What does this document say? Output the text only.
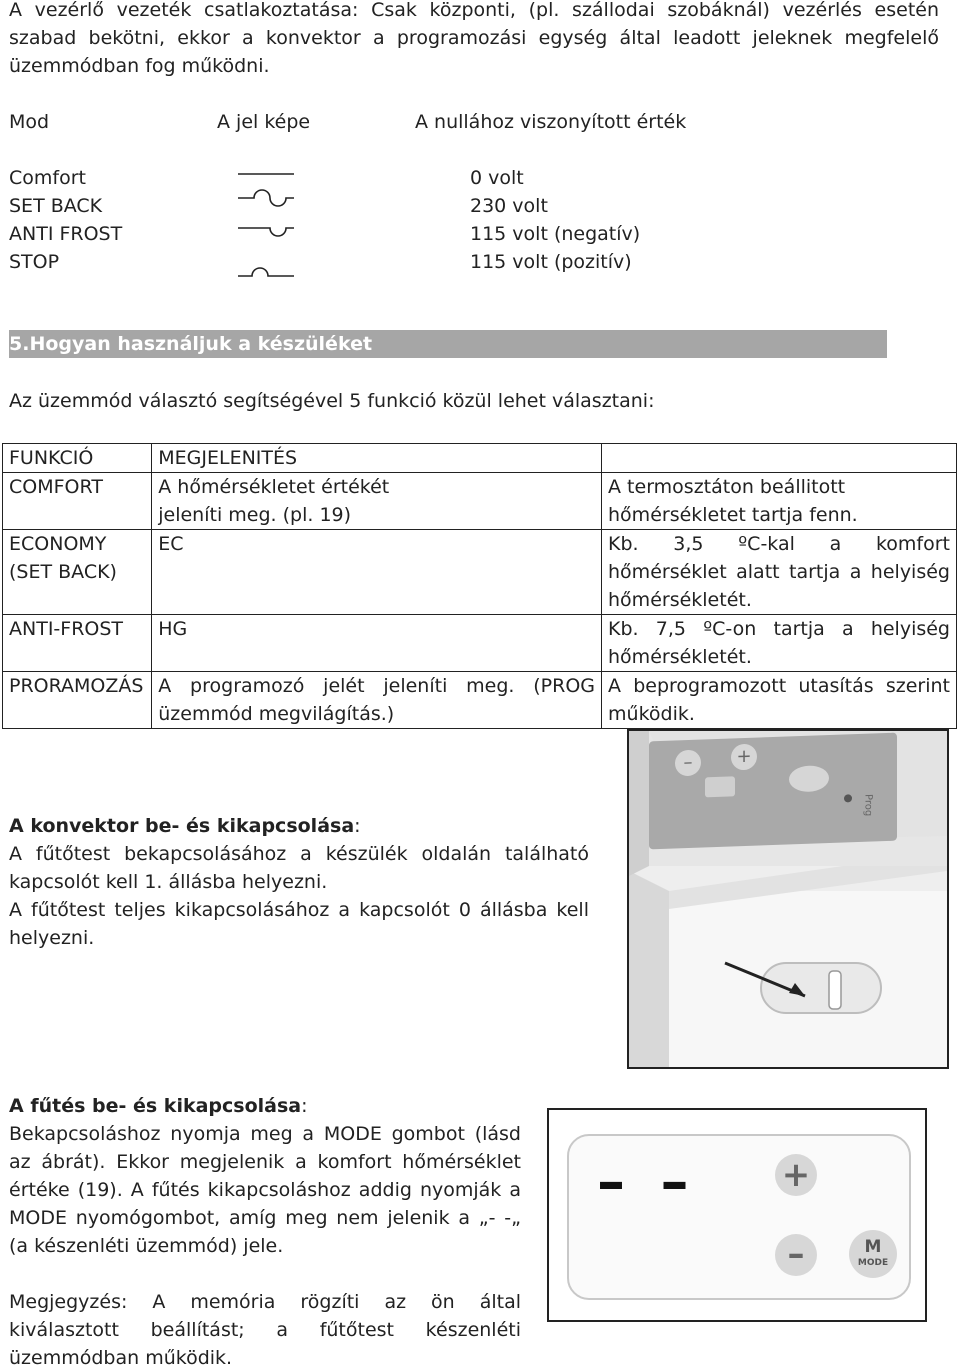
A vezérlő vezeték csatlakoztatása: Csak központi, (pl. szállodai szobáknál) vezérlés esetén szabad bekötni, ekkor a konvektor a programozási egység által leadott jeleknek megfelelő üzemmódban fog működni.
Mod	A jel képe	A nullához viszonyított érték
Comfort	0 volt
SET BACK	230 volt
ANTI FROST	115 volt (negatív)
STOP	115 volt (pozitív)
5.Hogyan használjuk a készüléket
Az üzemmód választó segítségével 5 funkció közül lehet választani:
FUNKCIÓ	MEGJELENITÉS	
COMFORT	A hőmérsékletet értékét jeleníti meg. (pl. 19)	A termosztáton beállitott hőmérsékletet tartja fenn.

ECONOMY (SET BACK)	EC	Kb. 3,5 ºC-kal a komfort hőmérséklet alatt tartja a helyiség hőmérsékletét.
ANTI-FROST	HG	Kb. 7,5 ºC-on tartja a helyiség hőmérsékletét.
PRORAMOZÁS	A programozó jelét jeleníti meg. (PROG üzemmód megvilágítás.)	A beprogramozott utasítás szerint működik.
A konvektor be- és kikapcsolása:
A fűtőtest bekapcsolásához a készülék oldalán található kapcsolót kell 1. állásba helyezni.
A fűtőtest teljes kikapcsolásához a kapcsolót 0 állásba kell helyezni.
–	+
Prog
A fűtés be- és kikapcsolása:
Bekapcsoláshoz nyomja meg a MODE gombot (lásd az ábrát). Ekkor megjelenik a komfort hőmérséklet értéke (19). A fűtés kikapcsoláshoz addig nyomják a MODE nyomógombot, amíg meg nem jelenik a „- -„ (a készenléti üzemmód) jele.
Megjegyzés: A memória rögzíti az ön által kiválasztott beállítást; a fűtőtest készenléti üzemmódban működik.
– –	+
–	M
MODE
